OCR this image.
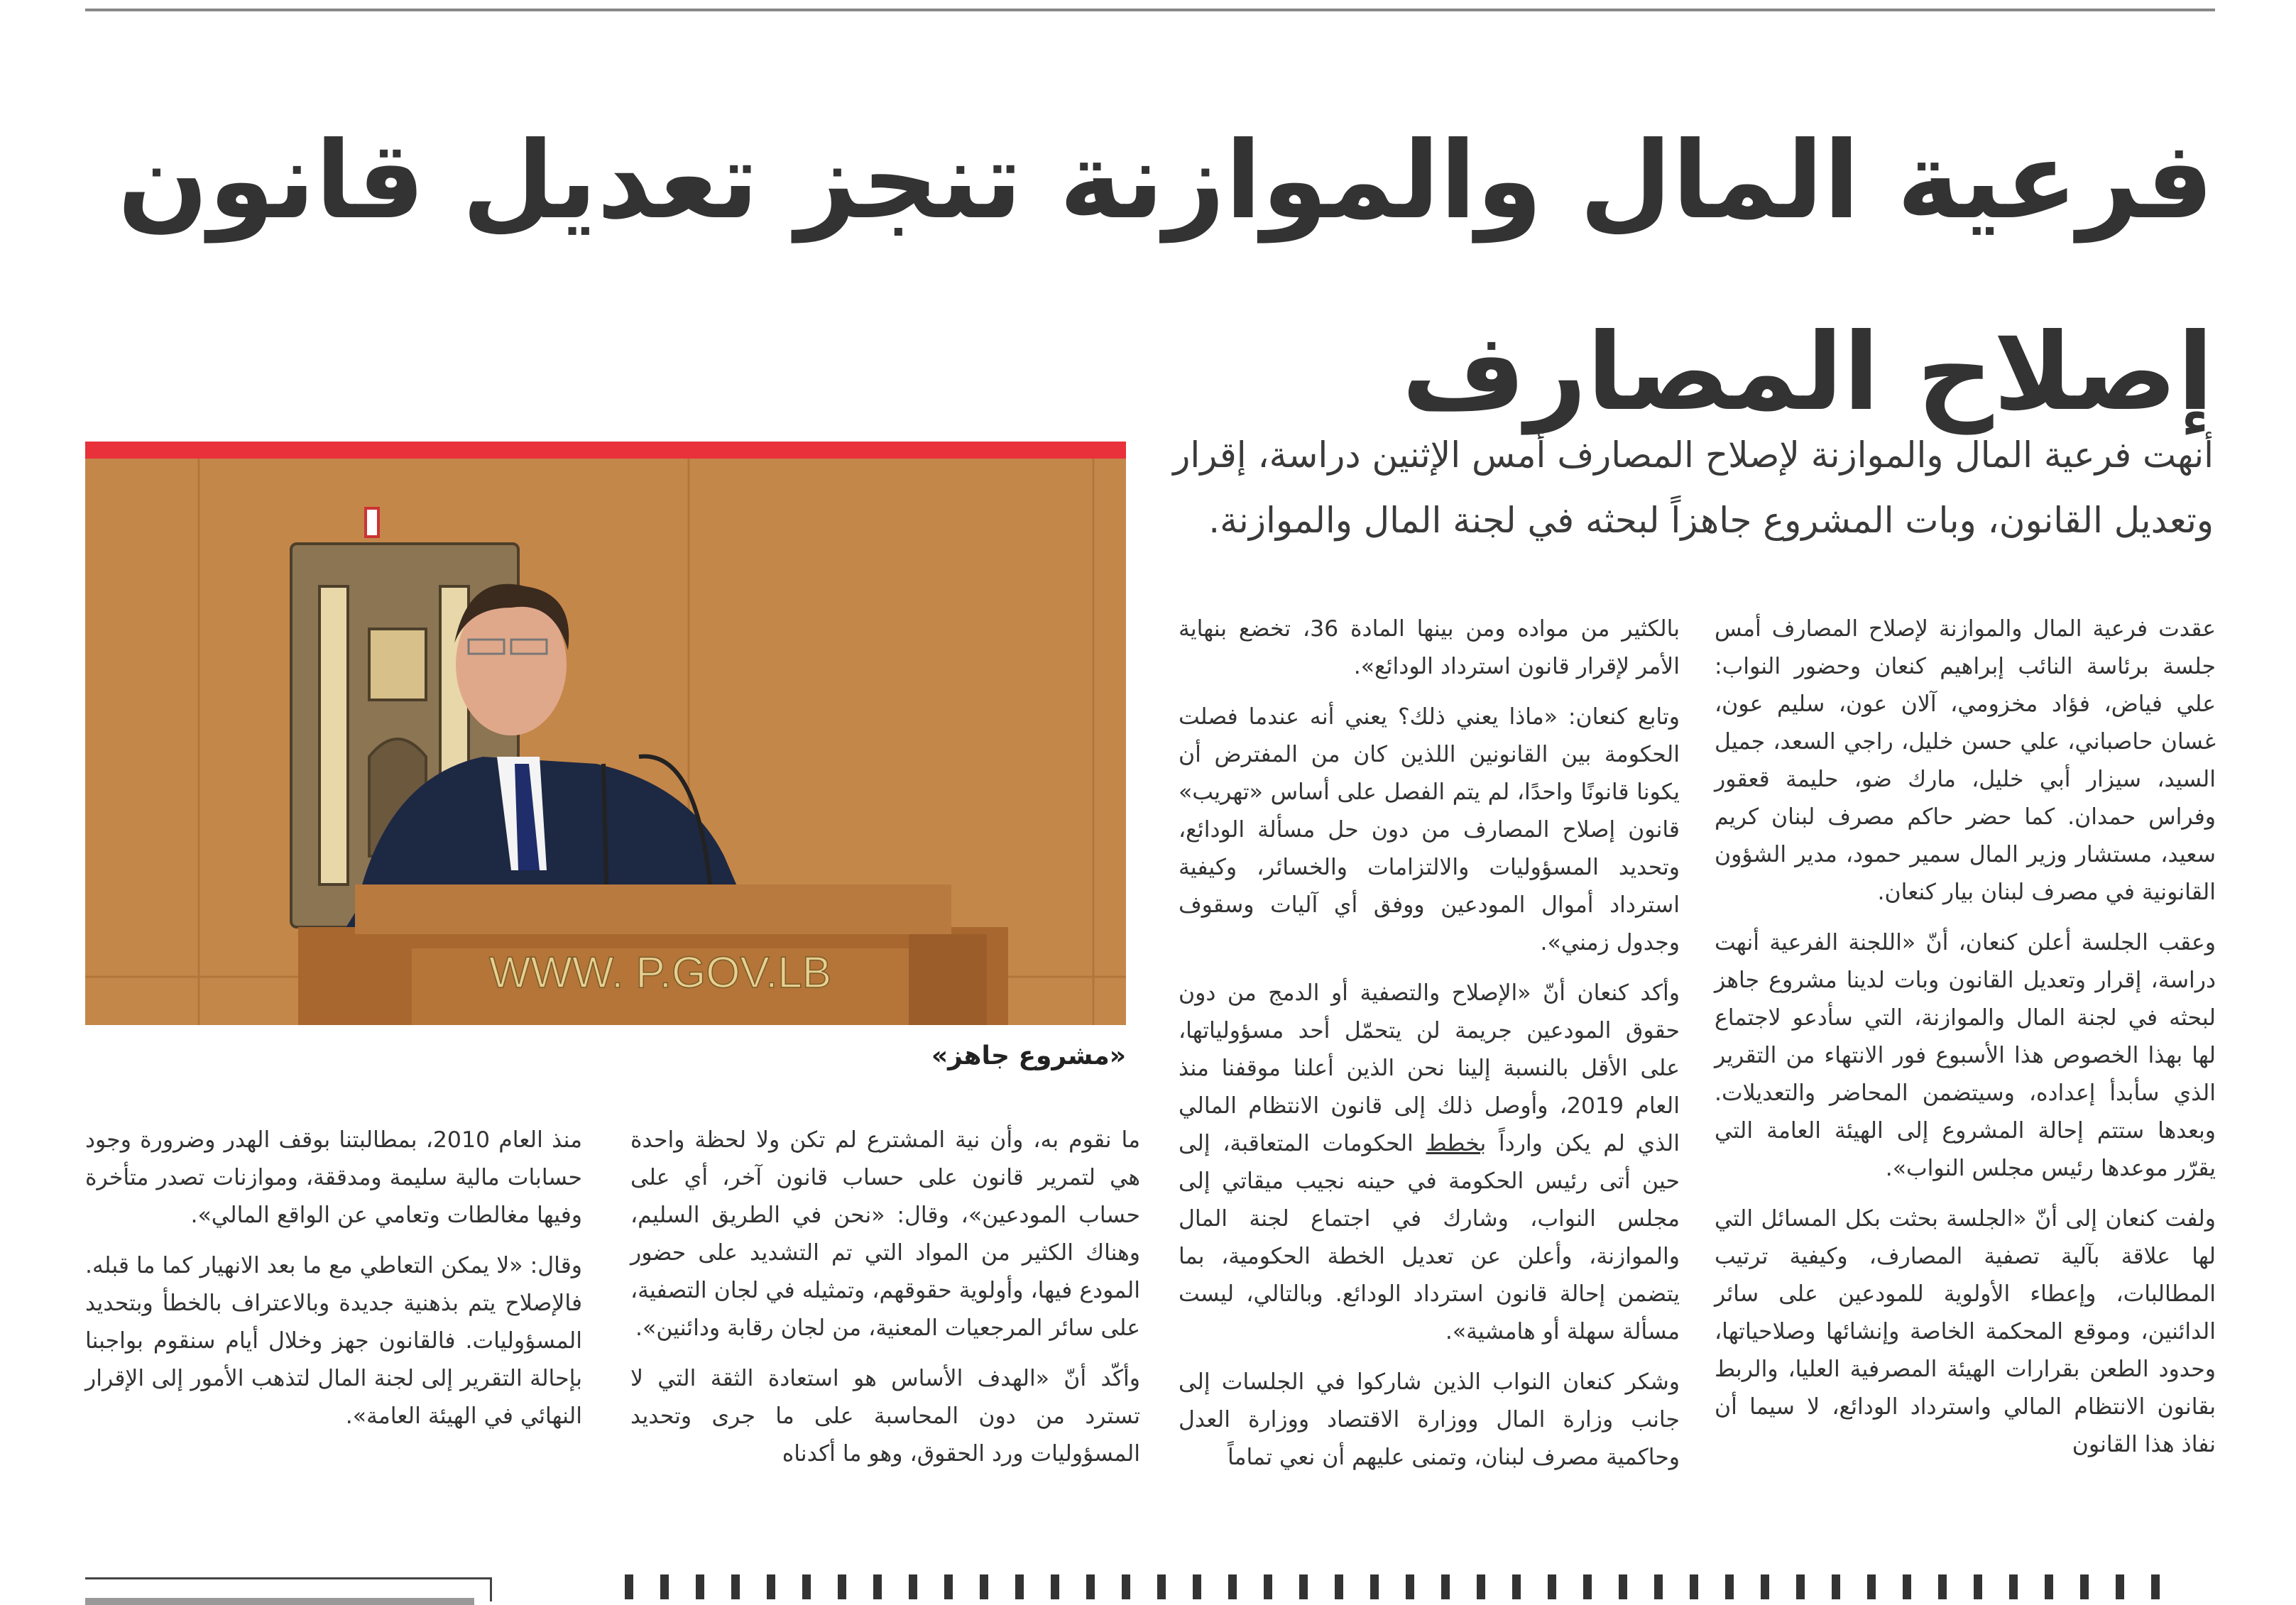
فرعية المال والموازنة تنجز تعديل قانون
إصلاح المصارف

أنهت فرعية المال والموازنة لإصلاح المصارف أمس الإثنين دراسة، إقرار وتعديل القانون، وبات المشروع جاهزاً لبحثه في لجنة المال والموازنة.

WWW. P.GOV.LB
«مشروع جاهز»

عقدت فرعية المال والموازنة لإصلاح المصارف أمس جلسة برئاسة النائب إبراهيم كنعان وحضور النواب: علي فياض، فؤاد مخزومي، آلان عون، سليم عون، غسان حاصباني، علي حسن خليل، راجي السعد، جميل السيد، سيزار أبي خليل، مارك ضو، حليمة قعقور وفراس حمدان. كما حضر حاكم مصرف لبنان كريم سعيد، مستشار وزير المال سمير حمود، مدير الشؤون القانونية في مصرف لبنان بيار كنعان.

وعقب الجلسة أعلن كنعان، أنّ «اللجنة الفرعية أنهت دراسة، إقرار وتعديل القانون وبات لدينا مشروع جاهز لبحثه في لجنة المال والموازنة، التي سأدعو لاجتماع لها بهذا الخصوص هذا الأسبوع فور الانتهاء من التقرير الذي سأبدأ إعداده، وسيتضمن المحاضر والتعديلات. وبعدها ستتم إحالة المشروع إلى الهيئة العامة التي يقرّر موعدها رئيس مجلس النواب».

ولفت كنعان إلى أنّ «الجلسة بحثت بكل المسائل التي لها علاقة بآلية تصفية المصارف، وكيفية ترتيب المطالبات، وإعطاء الأولوية للمودعين على سائر الدائنين، وموقع المحكمة الخاصة وإنشائها وصلاحياتها، وحدود الطعن بقرارات الهيئة المصرفية العليا، والربط بقانون الانتظام المالي واسترداد الودائع، لا سيما أن نفاذ هذا القانون

بالكثير من مواده ومن بينها المادة 36، تخضع بنهاية الأمر لإقرار قانون استرداد الودائع».

وتابع كنعان: «ماذا يعني ذلك؟ يعني أنه عندما فصلت الحكومة بين القانونين اللذين كان من المفترض أن يكونا قانونًا واحدًا، لم يتم الفصل على أساس «تهريب» قانون إصلاح المصارف من دون حل مسألة الودائع، وتحديد المسؤوليات والالتزامات والخسائر، وكيفية استرداد أموال المودعين ووفق أي آليات وسقوف وجدول زمني».

وأكد كنعان أنّ «الإصلاح والتصفية أو الدمج من دون حقوق المودعين جريمة لن يتحمّل أحد مسؤولياتها، على الأقل بالنسبة إلينا نحن الذين أعلنا موقفنا منذ العام 2019، وأوصل ذلك إلى قانون الانتظام المالي الذي لم يكن وارداً بخطط الحكومات المتعاقبة، إلى حين أتى رئيس الحكومة في حينه نجيب ميقاتي إلى مجلس النواب، وشارك في اجتماع لجنة المال والموازنة، وأعلن عن تعديل الخطة الحكومية، بما يتضمن إحالة قانون استرداد الودائع. وبالتالي، ليست مسألة سهلة أو هامشية».

وشكر كنعان النواب الذين شاركوا في الجلسات إلى جانب وزارة المال ووزارة الاقتصاد ووزارة العدل وحاكمية مصرف لبنان، وتمنى عليهم أن نعي تماماً

ما نقوم به، وأن نية المشترع لم تكن ولا لحظة واحدة هي لتمرير قانون على حساب قانون آخر، أي على حساب المودعين»، وقال: «نحن في الطريق السليم، وهناك الكثير من المواد التي تم التشديد على حضور المودع فيها، وأولوية حقوقهم، وتمثيله في لجان التصفية، على سائر المرجعيات المعنية، من لجان رقابة ودائنين».

وأكّد أنّ «الهدف الأساس هو استعادة الثقة التي لا تسترد من دون المحاسبة على ما جرى وتحديد المسؤوليات ورد الحقوق، وهو ما أكدناه

منذ العام 2010، بمطالبتنا بوقف الهدر وضرورة وجود حسابات مالية سليمة ومدققة، وموازنات تصدر متأخرة وفيها مغالطات وتعامي عن الواقع المالي».

وقال: «لا يمكن التعاطي مع ما بعد الانهيار كما ما قبله. فالإصلاح يتم بذهنية جديدة وبالاعتراف بالخطأ وبتحديد المسؤوليات. فالقانون جهز وخلال أيام سنقوم بواجبنا بإحالة التقرير إلى لجنة المال لتذهب الأمور إلى الإقرار النهائي في الهيئة العامة».
